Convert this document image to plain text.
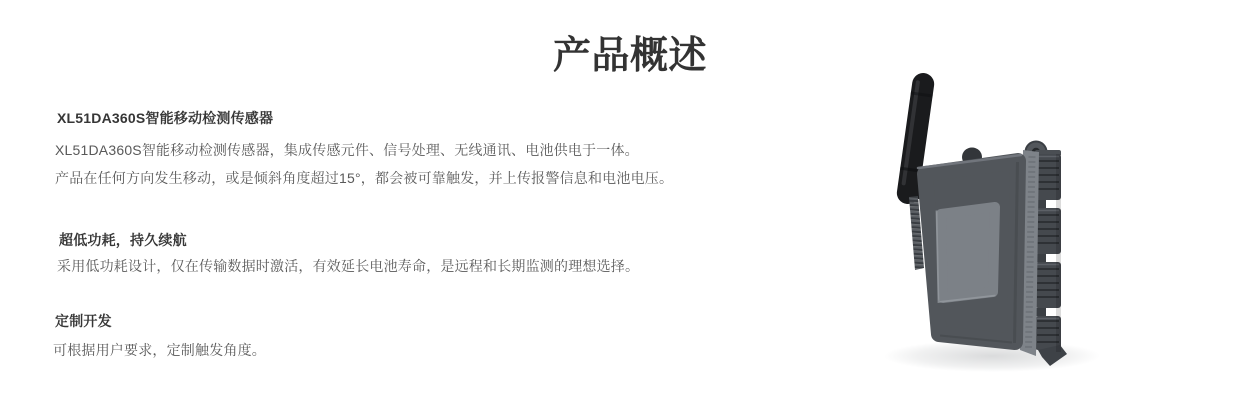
产品概述
XL51DA360S智能移动检测传感器
XL51DA360S智能移动检测传感器，集成传感元件、信号处理、无线通讯、电池供电于一体。
产品在任何方向发生移动，或是倾斜角度超过15°，都会被可靠触发，并上传报警信息和电池电压。
超低功耗，持久续航
采用低功耗设计，仅在传输数据时激活，有效延长电池寿命，是远程和长期监测的理想选择。
定制开发
可根据用户要求，定制触发角度。
